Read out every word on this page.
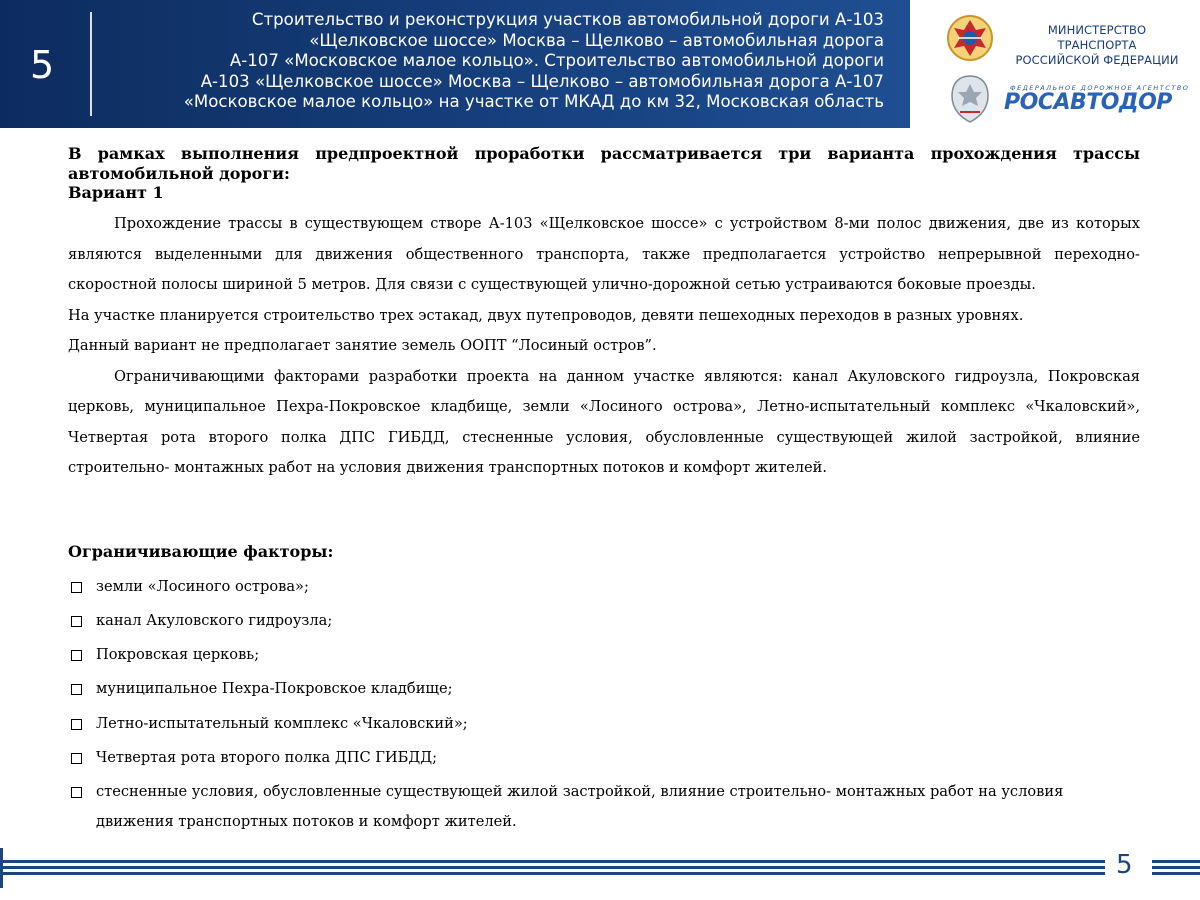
5
Строительство и реконструкция участков автомобильной дороги А-103
«Щелковское шоссе» Москва – Щелково – автомобильная дорога
А-107 «Московское малое кольцо». Строительство автомобильной дороги
А-103 «Щелковское шоссе» Москва – Щелково – автомобильная дорога А-107
«Московское малое кольцо» на участке от МКАД до км 32, Московская область
МИНИСТЕРСТВО ТРАНСПОРТА
РОССИЙСКОЙ ФЕДЕРАЦИИ
ФЕДЕРАЛЬНОЕ ДОРОЖНОЕ АГЕНТСТВО
РОСАВТОДОР

В рамках выполнения предпроектной проработки рассматривается три варианта прохождения трассы автомобильной дороги:

Вариант 1

Прохождение трассы в существующем створе А-103 «Щелковское шоссе» с устройством 8-ми полос движения, две из которых являются выделенными для движения общественного транспорта, также предполагается устройство непрерывной переходно-скоростной полосы шириной 5 метров. Для связи с существующей улично-дорожной сетью устраиваются боковые проезды.

На участке планируется строительство трех эстакад, двух путепроводов, девяти пешеходных переходов в разных уровнях.

Данный вариант не предполагает занятие земель ООПТ “Лосиный остров”.

Ограничивающими факторами разработки проекта на данном участке являются: канал Акуловского гидроузла, Покровская церковь, муниципальное Пехра-Покровское кладбище, земли «Лосиного острова», Летно-испытательный комплекс «Чкаловский», Четвертая рота второго полка ДПС ГИБДД, стесненные условия, обусловленные существующей жилой застройкой, влияние строительно- монтажных работ на условия движения транспортных потоков и комфорт жителей.

Ограничивающие факторы:

земли «Лосиного острова»;
канал Акуловского гидроузла;
Покровская церковь;
муниципальное Пехра-Покровское кладбище;
Летно-испытательный комплекс «Чкаловский»;
Четвертая рота второго полка ДПС ГИБДД;
стесненные условия, обусловленные существующей жилой застройкой, влияние строительно- монтажных работ на условия движения транспортных потоков и комфорт жителей.
5
